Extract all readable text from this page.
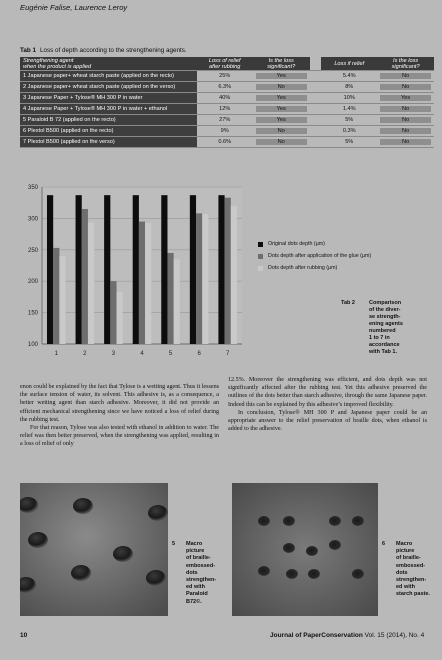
Eugénie Falise, Laurence Leroy
Tab 1 Loss of depth according to the strengthening agents.
Strengthening agent
when the product is applied	Loss of relief
after rubbing	Is the loss
significant?		Loss if relief	Is the loss
significant?
1 Japanese paper+ wheat starch paste (applied on the recto)	25%	Yes		5.4%	No

2 Japanese paper+ wheat starch paste (applied on the verso)	6.3%	No		8%	No

3 Japanese Paper + Tylose® MH 300 P in water	40%	Yes		10%	Yes

4 Japanese Paper + Tylose® MH 300 P in water + ethanol	12%	Yes		1.4%	No

5 Paraloid B 72 (applied on the recto)	27%	Yes		5%	No

6 Plextol B500 (applied on the recto)	9%	No		0.3%	No

7 Plextol B500 (applied on the verso)	0.6%	No		5%	No
100
150
200
250
300
350
1	2	3	4	5	6	7
Original dots depth (µm)
Dots depth after application of the glue (µm)
Dots depth after rubbing (µm)
Tab 2	Comparison
of the diver-
se strength-
ening agents
numbered
1 to 7 in
accordance
with Tab 1.

enon could be explained by the fact that Tylose is a wetting agent. Thus it lessens the surface tension of water, its solvent. This adhesive is, as a consequence, a better wetting agent than starch adhesive. Moreover, it did not provide an efficient mechanical strengthening since we have noticed a loss of relief during the rubbing test.

For that reason, Tylose was also tested with ethanol in addition to water. The relief was then better preserved, when the strengthening was applied, resulting in a loss of relief of only

12.5%. Moreover the strengthening was efficient, and dots depth was not significantly affected after the rubbing test. Yet this adhesive preserved the outlines of the dots better than starch adhesive, through the same Japanese paper. Indeed this can be explained by this adhesive’s improved flexibility.

In conclusion, Tylose® MH 300 P and Japanese paper could be an appropriate answer to the relief preservation of braille dots, when ethanol is added to the adhesive.

5 Macro
picture
of braille-
embossed-
dots
strengthen-
ed with
Paraloid
B72©.
6 Macro
picture
of braille-
embossed-
dots
strengthen-
ed with
starch paste.
10	Journal of PaperConservation Vol. 15 (2014), No. 4
